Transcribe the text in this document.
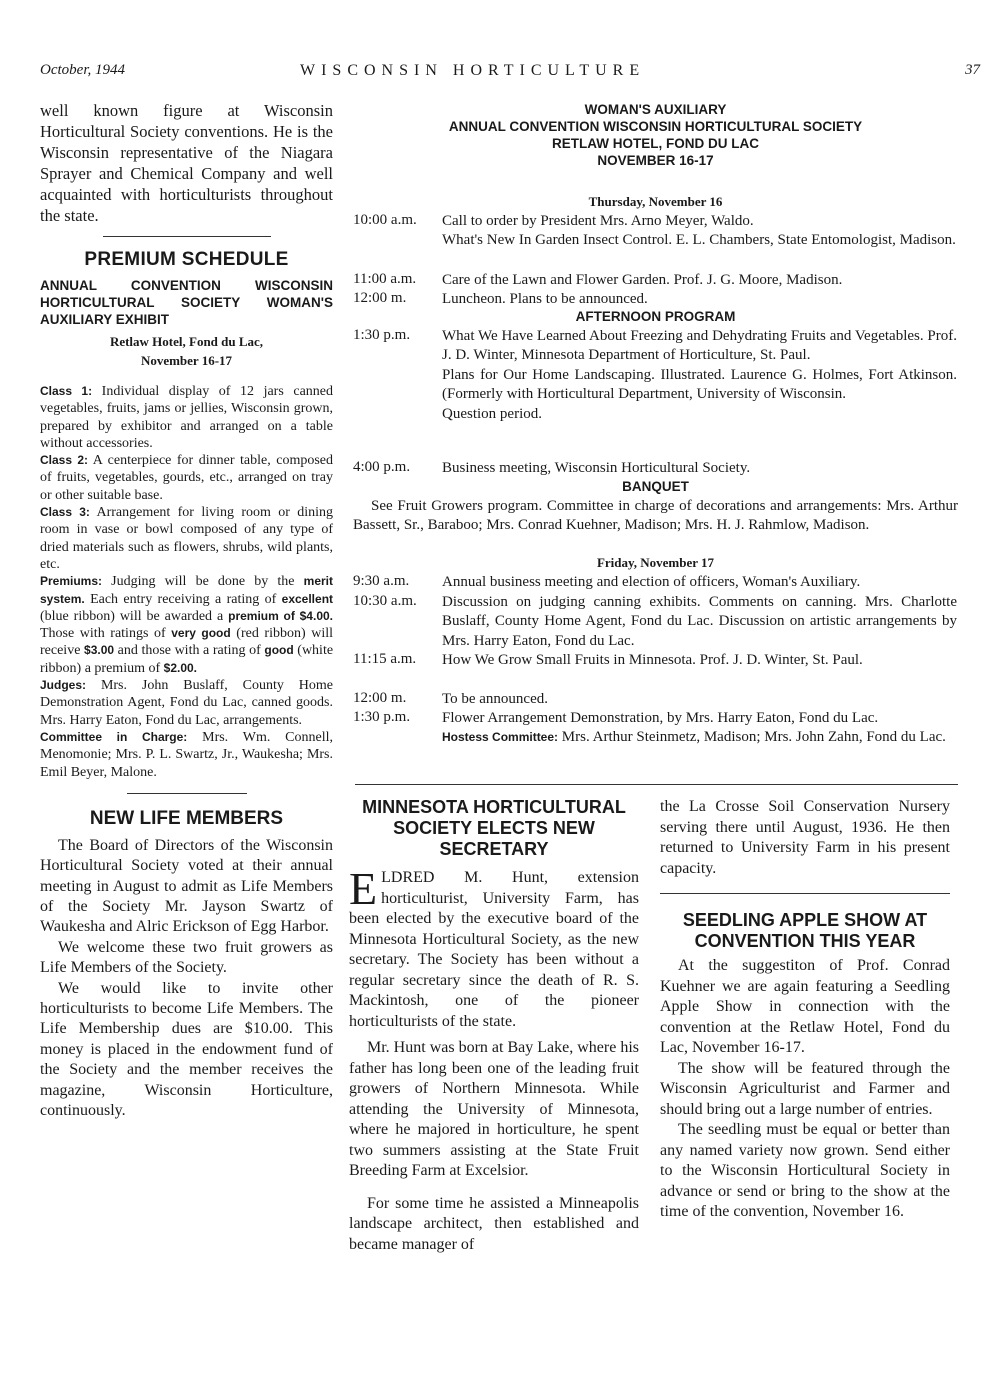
October, 1944	WISCONSIN HORTICULTURE	37

well known figure at Wisconsin Horticultural Society conventions. He is the Wisconsin representative of the Niagara Sprayer and Chemical Company and well acquainted with horticulturists throughout the state.

PREMIUM SCHEDULE
ANNUAL CONVENTION WISCONSIN HORTICULTURAL SOCIETY WOMAN'S AUXILIARY EXHIBIT
Retlaw Hotel, Fond du Lac,
November 16-17

Class 1: Individual display of 12 jars canned vegetables, fruits, jams or jellies, Wisconsin grown, prepared by exhibitor and arranged on a table without accessories.

Class 2: A centerpiece for dinner table, composed of fruits, vegetables, gourds, etc., arranged on tray or other suitable base.

Class 3: Arrangement for living room or dining room in vase or bowl composed of any type of dried materials such as flowers, shrubs, wild plants, etc.

Premiums: Judging will be done by the merit system. Each entry receiving a rating of excellent (blue ribbon) will be awarded a premium of $4.00. Those with ratings of very good (red ribbon) will receive $3.00 and those with a rating of good (white ribbon) a premium of $2.00.

Judges: Mrs. John Buslaff, County Home Demonstration Agent, Fond du Lac, canned goods. Mrs. Harry Eaton, Fond du Lac, arrangements.

Committee in Charge: Mrs. Wm. Connell, Menomonie; Mrs. P. L. Swartz, Jr., Waukesha; Mrs. Emil Beyer, Malone.

NEW LIFE MEMBERS

The Board of Directors of the Wisconsin Horticultural Society voted at their annual meeting in August to admit as Life Members of the Society Mr. Jayson Swartz of Waukesha and Alric Erickson of Egg Harbor.

We welcome these two fruit growers as Life Members of the Society.

We would like to invite other horticulturists to become Life Members. The Life Membership dues are $10.00. This money is placed in the endowment fund of the Society and the member receives the magazine, Wisconsin Horticulture, continuously.

WOMAN'S AUXILIARY
ANNUAL CONVENTION WISCONSIN HORTICULTURAL SOCIETY
RETLAW HOTEL, FOND DU LAC
NOVEMBER 16-17
Thursday, November 16
10:00 a.m. Call to order by President Mrs. Arno Meyer, Waldo.
What's New In Garden Insect Control. E. L. Chambers, State Entomologist, Madison.
11:00 a.m. Care of the Lawn and Flower Garden. Prof. J. G. Moore, Madison.
12:00 m. Luncheon. Plans to be announced.
AFTERNOON PROGRAM
1:30 p.m. What We Have Learned About Freezing and Dehydrating Fruits and Vegetables. Prof. J. D. Winter, Minnesota Department of Horticulture, St. Paul.
Plans for Our Home Landscaping. Illustrated. Laurence G. Holmes, Fort Atkinson. (Formerly with Horticultural Department, University of Wisconsin.
Question period.
4:00 p.m. Business meeting, Wisconsin Horticultural Society.
BANQUET
See Fruit Growers program. Committee in charge of decorations and arrangements: Mrs. Arthur Bassett, Sr., Baraboo; Mrs. Conrad Kuehner, Madison; Mrs. H. J. Rahmlow, Madison.
Friday, November 17
9:30 a.m. Annual business meeting and election of officers, Woman's Auxiliary.
10:30 a.m. Discussion on judging canning exhibits. Comments on canning. Mrs. Charlotte Buslaff, County Home Agent, Fond du Lac. Discussion on artistic arrangements by Mrs. Harry Eaton, Fond du Lac.
11:15 a.m. How We Grow Small Fruits in Minnesota. Prof. J. D. Winter, St. Paul.
12:00 m. To be announced.
1:30 p.m. Flower Arrangement Demonstration, by Mrs. Harry Eaton, Fond du Lac.
Hostess Committee: Mrs. Arthur Steinmetz, Madison; Mrs. John Zahn, Fond du Lac.
MINNESOTA HORTICULTURAL SOCIETY ELECTS NEW SECRETARY

ELDRED M. Hunt, extension horticulturist, University Farm, has been elected by the executive board of the Minnesota Horticultural Society, as the new secretary. The Society has been without a regular secretary since the death of R. S. Mackintosh, one of the pioneer horticulturists of the state.

Mr. Hunt was born at Bay Lake, where his father has long been one of the leading fruit growers of Northern Minnesota. While attending the University of Minnesota, where he majored in horticulture, he spent two summers assisting at the State Fruit Breeding Farm at Excelsior.

For some time he assisted a Minneapolis landscape architect, then established and became manager of

the La Crosse Soil Conservation Nursery serving there until August, 1936. He then returned to University Farm in his present capacity.

SEEDLING APPLE SHOW AT CONVENTION THIS YEAR

At the suggestiton of Prof. Conrad Kuehner we are again featuring a Seedling Apple Show in connection with the convention at the Retlaw Hotel, Fond du Lac, November 16-17.

The show will be featured through the Wisconsin Agriculturist and Farmer and should bring out a large number of entries.

The seedling must be equal or better than any named variety now grown. Send either to the Wisconsin Horticultural Society in advance or send or bring to the show at the time of the convention, November 16.
